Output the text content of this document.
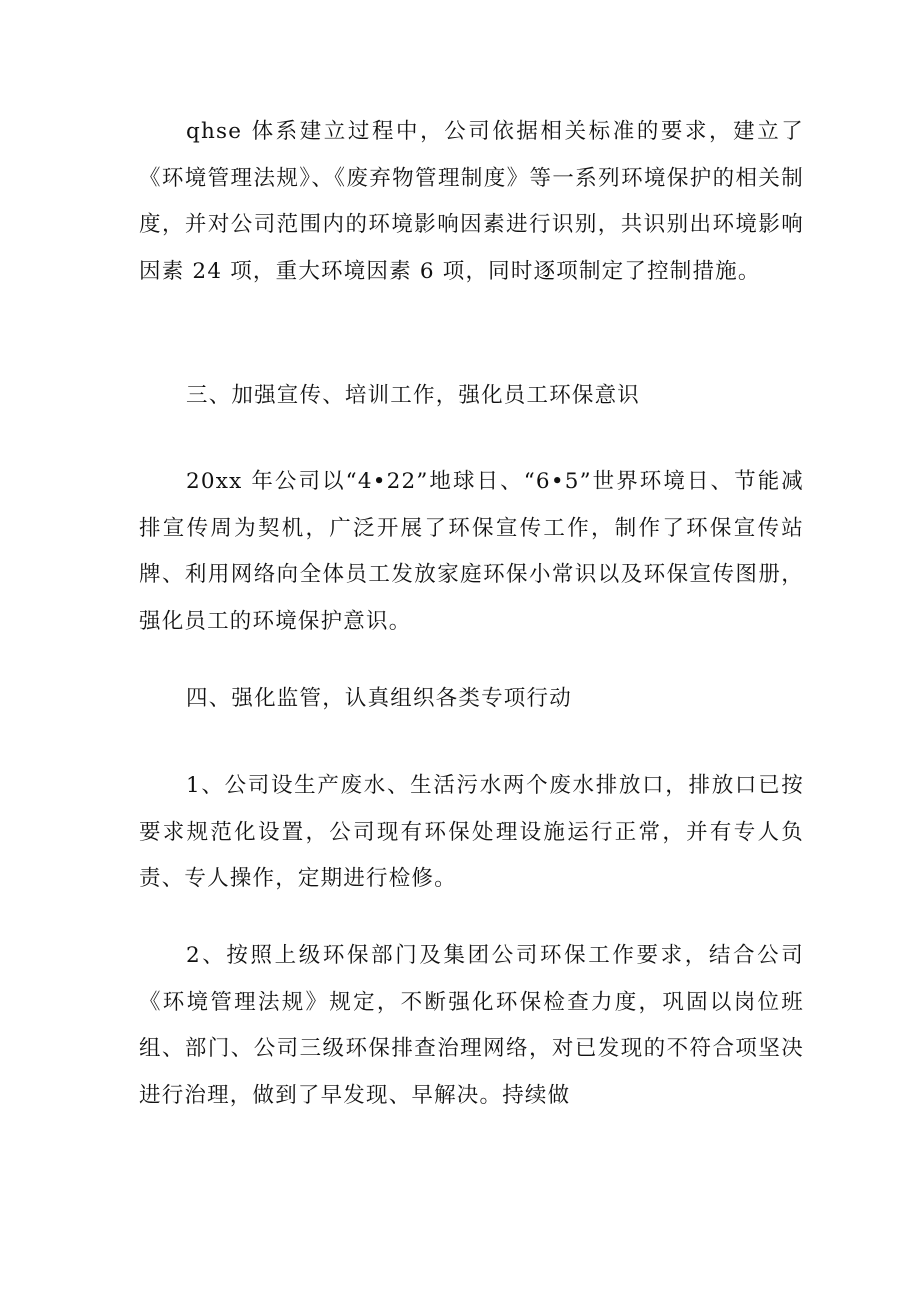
qhse 体系建立过程中，公司依据相关标准的要求，建立了《环境管理法规》、《废弃物管理制度》等一系列环境保护的相关制度，并对公司范围内的环境影响因素进行识别，共识别出环境影响因素 24 项，重大环境因素 6 项，同时逐项制定了控制措施。

三、加强宣传、培训工作，强化员工环保意识

20xx 年公司以“4•22”地球日、“6•5”世界环境日、节能减排宣传周为契机，广泛开展了环保宣传工作，制作了环保宣传站牌、利用网络向全体员工发放家庭环保小常识以及环保宣传图册，强化员工的环境保护意识。

四、强化监管，认真组织各类专项行动

1、公司设生产废水、生活污水两个废水排放口，排放口已按要求规范化设置，公司现有环保处理设施运行正常，并有专人负责、专人操作，定期进行检修。

2、按照上级环保部门及集团公司环保工作要求，结合公司《环境管理法规》规定，不断强化环保检查力度，巩固以岗位班组、部门、公司三级环保排查治理网络，对已发现的不符合项坚决进行治理，做到了早发现、早解决。持续做
